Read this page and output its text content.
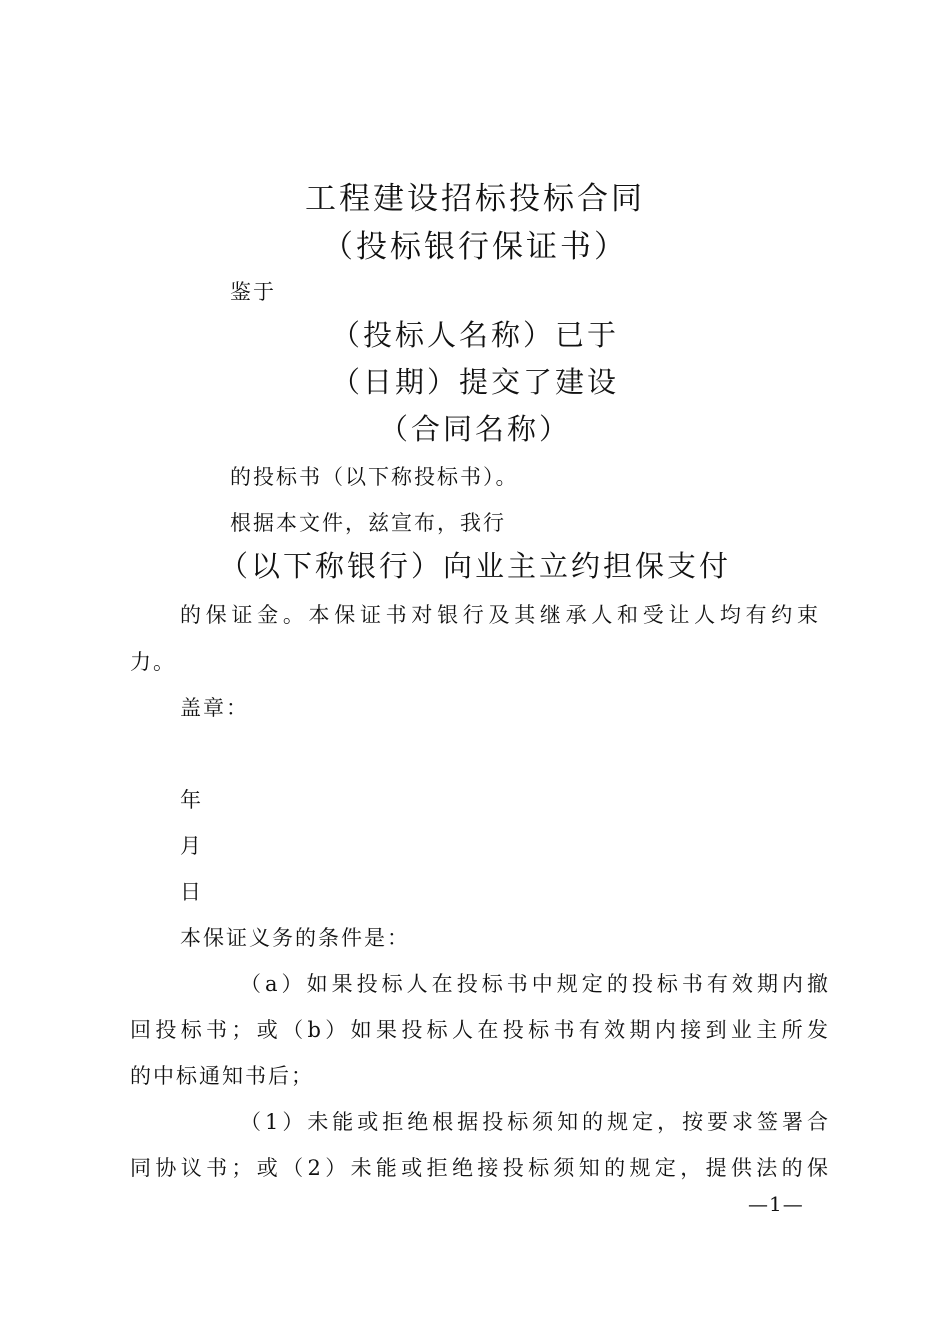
工程建设招标投标合同
（投标银行保证书）
鉴于
（投标人名称）已于
（日期）提交了建设
（合同名称）
的投标书（以下称投标书）。
根据本文件，兹宣布，我行
（以下称银行）向业主立约担保支付
的保证金。本保证书对银行及其继承人和受让人均有约束
力。
盖章：
年
月
日
本保证义务的条件是：
（a）如果投标人在投标书中规定的投标书有效期内撤
回投标书；或（b）如果投标人在投标书有效期内接到业主所发
的中标通知书后；
（1）未能或拒绝根据投标须知的规定，按要求签署合
同协议书；或（2）未能或拒绝接投标须知的规定，提供法的保
—1—
